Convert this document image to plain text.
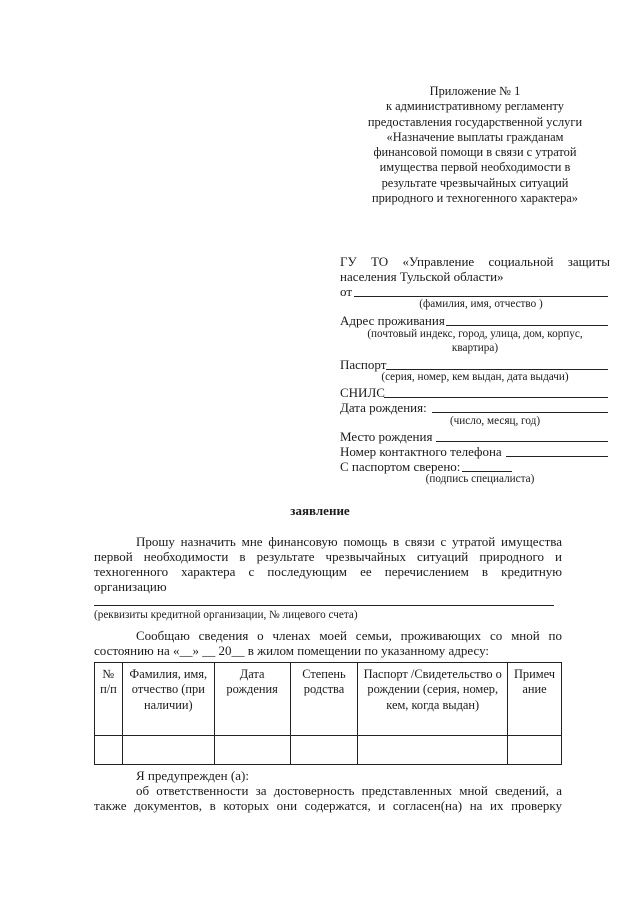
Приложение № 1
к административному регламенту
предоставления государственной услуги
«Назначение выплаты гражданам
финансовой помощи в связи с утратой
имущества первой необходимости в
результате чрезвычайных ситуаций
природного и техногенного характера»
ГУ ТО «Управление социальной защиты
населения Тульской области»
от
(фамилия, имя, отчество )
Адрес проживания
(почтовый индекс, город, улица, дом, корпус,
квартира)
Паспорт
(серия, номер, кем выдан, дата выдачи)
СНИЛС
Дата рождения:
(число, месяц, год)
Место рождения
Номер контактного телефона
С паспортом сверено:
(подпись специалиста)
заявление
Прошу назначить мне финансовую помощь в связи с утратой имущества
первой необходимости в результате чрезвычайных ситуаций природного и
техногенного характера с последующим ее перечислением в кредитную
организацию
(реквизиты кредитной организации, № лицевого счета)
Сообщаю сведения о членах моей семьи, проживающих со мной по
состоянию на «__» __ 20__ в жилом помещении по указанному адресу:
№ п/п	Фамилия, имя, отчество (при наличии)	Дата рождения	Степень родства	Паспорт /Свидетельство о рождении (серия, номер, кем, когда выдан)	Примеч ание

Я предупрежден (а):
об ответственности за достоверность представленных мной сведений, а
также документов, в которых они содержатся, и согласен(на) на их проверку
